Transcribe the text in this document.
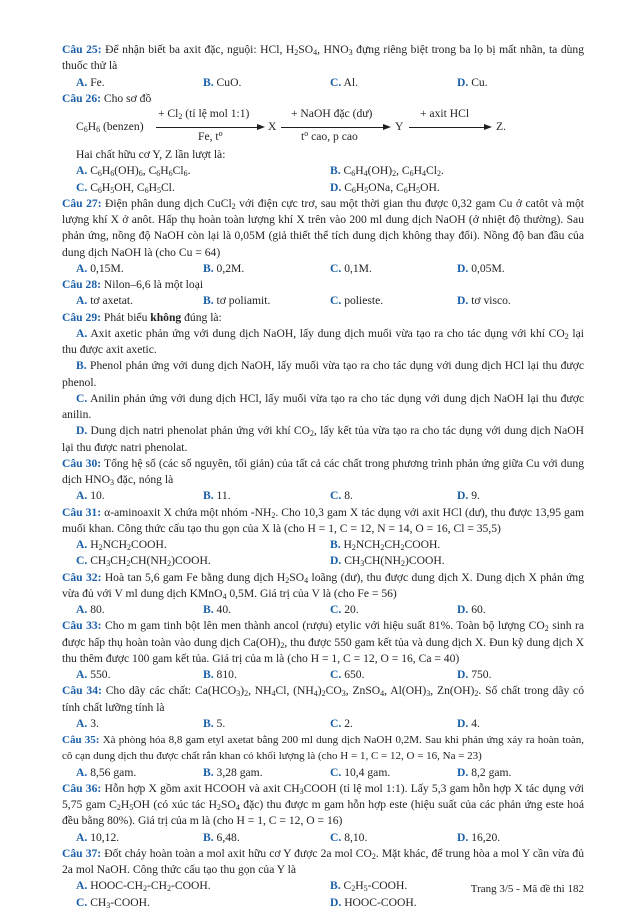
Câu 25: Để nhận biết ba axit đặc, nguội: HCl, $H_2SO_4$, $HNO_3$ đựng riêng biệt trong ba lọ bị mất nhãn, ta dùng thuốc thử là

A. Fe.	B. CuO.	C. Al.	D. Cu.

Câu 26: Cho sơ đồ

$C_6H_6$ (benzen)
+ $Cl_2$ (tỉ lệ mol 1:1)
Fe, $t^o$
X
+ NaOH đặc (dư)
$t^o$ cao, p cao
Y
+ axit HCl
Z.

Hai chất hữu cơ Y, Z lần lượt là:

A. $C_6H_6(OH)_6$, $C_6H_6Cl_6$.	B. $C_6H_4(OH)_2$, $C_6H_4Cl_2$.
C. $C_6H_5OH$, $C_6H_5Cl$.	D. $C_6H_5ONa$, $C_6H_5OH$.

Câu 27: Điện phân dung dịch CuCl$_2$ với điện cực trơ, sau một thời gian thu được 0,32 gam Cu ở catôt và một lượng khí X ở anôt. Hấp thụ hoàn toàn lượng khí X trên vào 200 ml dung dịch NaOH (ở nhiệt độ thường). Sau phản ứng, nồng độ NaOH còn lại là 0,05M (giả thiết thể tích dung dịch không thay đổi). Nồng độ ban đầu của dung dịch NaOH là (cho Cu = 64)

A. 0,15M.	B. 0,2M.	C. 0,1M.	D. 0,05M.

Câu 28: Nilon–6,6 là một loại

A. tơ axetat.	B. tơ poliamit.	C. polieste.	D. tơ visco.

Câu 29: Phát biểu không đúng là:

A. Axit axetic phản ứng với dung dịch NaOH, lấy dung dịch muối vừa tạo ra cho tác dụng với khí $CO_2$ lại thu được axit axetic.

B. Phenol phản ứng với dung dịch NaOH, lấy muối vừa tạo ra cho tác dụng với dung dịch HCl lại thu được phenol.

C. Anilin phản ứng với dung dịch HCl, lấy muối vừa tạo ra cho tác dụng với dung dịch NaOH lại thu được anilin.

D. Dung dịch natri phenolat phản ứng với khí $CO_2$, lấy kết tủa vừa tạo ra cho tác dụng với dung dịch NaOH lại thu được natri phenolat.

Câu 30: Tổng hệ số (các số nguyên, tối giản) của tất cả các chất trong phương trình phản ứng giữa Cu với dung dịch $HNO_3$ đặc, nóng là

A. 10.	B. 11.	C. 8.	D. 9.

Câu 31: α-aminoaxit X chứa một nhóm $-NH_2$. Cho 10,3 gam X tác dụng với axit HCl (dư), thu được 13,95 gam muối khan. Công thức cấu tạo thu gọn của X là (cho H = 1, C = 12, N = 14, O = 16, Cl = 35,5)

A. $H_2NCH_2COOH$.	B. $H_2NCH_2CH_2COOH$.
C. $CH_3CH_2CH(NH_2)COOH$.	D. $CH_3CH(NH_2)COOH$.

Câu 32: Hoà tan 5,6 gam Fe bằng dung dịch $H_2SO_4$ loãng (dư), thu được dung dịch X. Dung dịch X phản ứng vừa đủ với V ml dung dịch KMnO$_4$ 0,5M. Giá trị của V là (cho Fe = 56)

A. 80.	B. 40.	C. 20.	D. 60.

Câu 33: Cho m gam tinh bột lên men thành ancol (rượu) etylic với hiệu suất 81%. Toàn bộ lượng $CO_2$ sinh ra được hấp thụ hoàn toàn vào dung dịch $Ca(OH)_2$, thu được 550 gam kết tủa và dung dịch X. Đun kỹ dung dịch X thu thêm được 100 gam kết tủa. Giá trị của m là (cho H = 1, C = 12, O = 16, Ca = 40)

A. 550.	B. 810.	C. 650.	D. 750.

Câu 34: Cho dãy các chất: $Ca(HCO_3)_2$, $NH_4Cl$, $(NH_4)_2CO_3$, ZnSO$_4$, $Al(OH)_3$, $Zn(OH)_2$. Số chất trong dãy có tính chất lưỡng tính là

A. 3.	B. 5.	C. 2.	D. 4.

Câu 35: Xà phòng hóa 8,8 gam etyl axetat bằng 200 ml dung dịch NaOH 0,2M. Sau khi phản ứng xảy ra hoàn toàn, cô cạn dung dịch thu được chất rắn khan có khối lượng là (cho H = 1, C = 12, O = 16, Na = 23)

A. 8,56 gam.	B. 3,28 gam.	C. 10,4 gam.	D. 8,2 gam.

Câu 36: Hỗn hợp X gồm axit HCOOH và axit $CH_3COOH$ (tỉ lệ mol 1:1). Lấy 5,3 gam hỗn hợp X tác dụng với 5,75 gam $C_2H_5OH$ (có xúc tác $H_2SO_4$ đặc) thu được m gam hỗn hợp este (hiệu suất của các phản ứng este hoá đều bằng 80%). Giá trị của m là (cho H = 1, C = 12, O = 16)

A. 10,12.	B. 6,48.	C. 8,10.	D. 16,20.

Câu 37: Đốt cháy hoàn toàn a mol axit hữu cơ Y được 2a mol $CO_2$. Mặt khác, để trung hòa a mol Y cần vừa đủ 2a mol NaOH. Công thức cấu tạo thu gọn của Y là

A. HOOC-$CH_2-CH_2$-COOH.	B. $C_2H_5$-COOH.
C. $CH_3$-COOH.	D. HOOC-COOH.
Trang 3/5 - Mã đề thi 182
